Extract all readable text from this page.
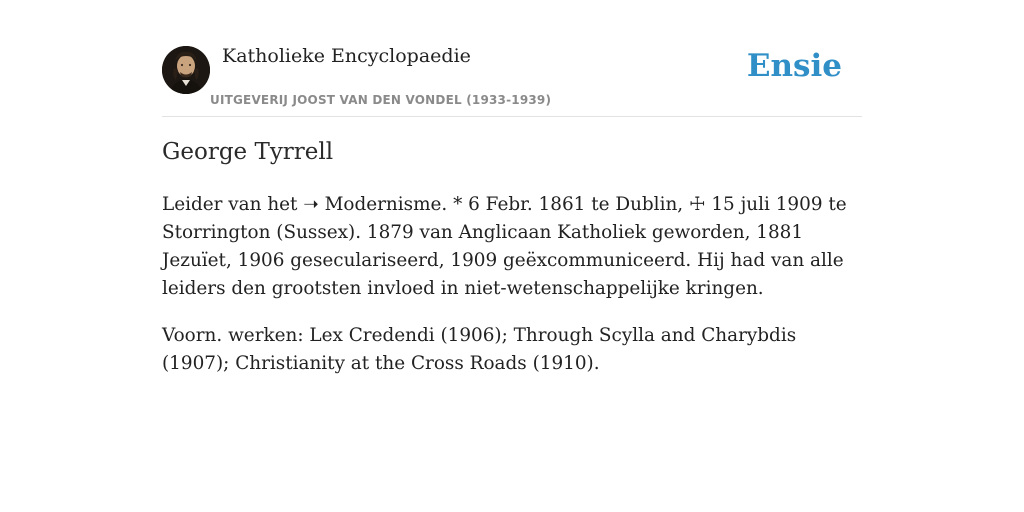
Katholieke Encyclopaedie
UITGEVERIJ JOOST VAN DEN VONDEL (1933-1939)
Ensie
George Tyrrell

Leider van het ➝ Modernisme. * 6 Febr. 1861 te Dublin, ☩ 15 juli 1909 te Storrington (Sussex). 1879 van Anglicaan Katholiek geworden, 1881 Jezuïet, 1906 geseculariseerd, 1909 geëxcommuniceerd. Hij had van alle leiders den grootsten invloed in niet-wetenschappelijke kringen.

Voorn. werken: Lex Credendi (1906); Through Scylla and Charybdis (1907); Christianity at the Cross Roads (1910).
